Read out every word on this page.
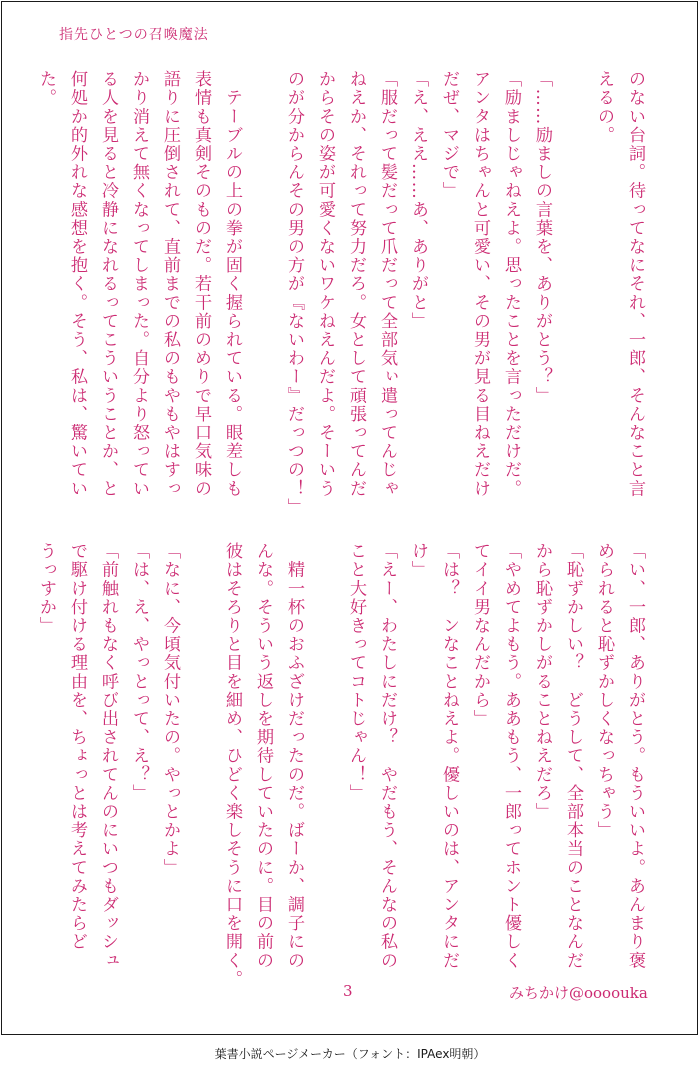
指先ひとつの召喚魔法
のない台詞。待ってなにそれ、一郎、そんなこと言
えるの。

「……励ましの言葉を、ありがとう？」
「励ましじゃねえよ。思ったことを言っただけだ。
アンタはちゃんと可愛い、その男が見る目ねえだけ
だぜ、マジで」
「え、ええ……あ、ありがと」
「服だって髪だって爪だって全部気ぃ遣ってんじゃ
ねえか、それって努力だろ。女として頑張ってんだ
からその姿が可愛くないワケねえんだよ。そーいう
のが分からんその男の方が『ないわー』だっつの！」

　テーブルの上の拳が固く握られている。眼差しも
表情も真剣そのものだ。若干前のめりで早口気味の
語りに圧倒されて、直前までの私のもやもやはすっ
かり消えて無くなってしまった。自分より怒ってい
る人を見ると冷静になれるってこういうことか、と
何処か的外れな感想を抱く。そう、私は、驚いてい
た。
「い、一郎、ありがとう。もういいよ。あんまり褒
められると恥ずかしくなっちゃう」
「恥ずかしい？　どうして、全部本当のことなんだ
から恥ずかしがることねえだろ」
「やめてよもう。ああもう、一郎ってホント優しく
てイイ男なんだから」
「は？　ンなことねえよ。優しいのは、アンタにだ
け」
「えー、わたしにだけ？　やだもう、そんなの私の
こと大好きってコトじゃん！」

　精一杯のおふざけだったのだ。ばーか、調子にの
んな。そういう返しを期待していたのに。目の前の
彼はそろりと目を細め、ひどく楽しそうに口を開く。

「なに、今頃気付いたの。やっとかよ」
「は、え、やっとって、え？」
「前触れもなく呼び出されてんのにいつもダッシュ
で駆け付ける理由を、ちょっとは考えてみたらど
うっすか」
3	みちかけ@oooouka
葉書小説ページメーカー（フォント：IPAex明朝）
